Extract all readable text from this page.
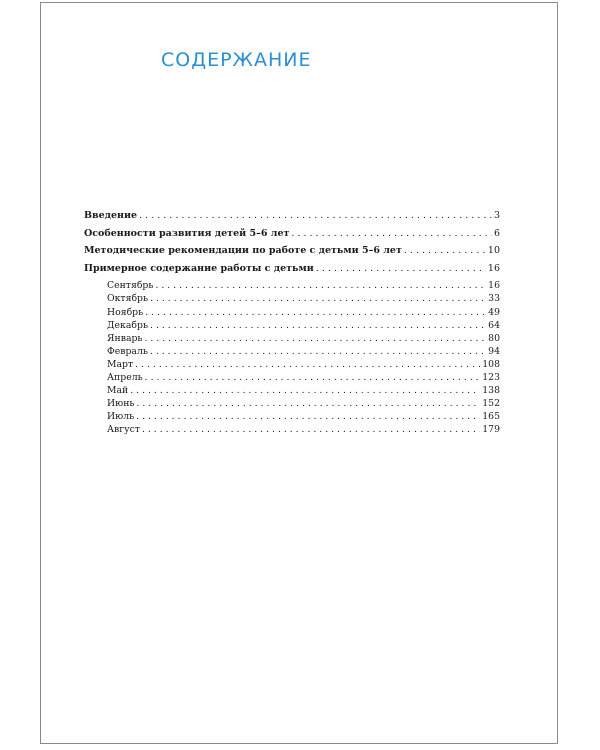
СОДЕРЖАНИЕ
Введение . . .	3
Особенности развития детей 5–6 лет . . .	6
Методические рекомендации по работе с детьми 5–6 лет . . .	10
Примерное содержание работы с детьми . . .	16
Сентябрь . . .	16
Октябрь . . .	33
Ноябрь . . .	49
Декабрь . . .	64
Январь . . .	80
Февраль . . .	94
Март . . .	108
Апрель . . .	123
Май . . .	138
Июнь . . .	152
Июль . . .	165
Август . . .	179
